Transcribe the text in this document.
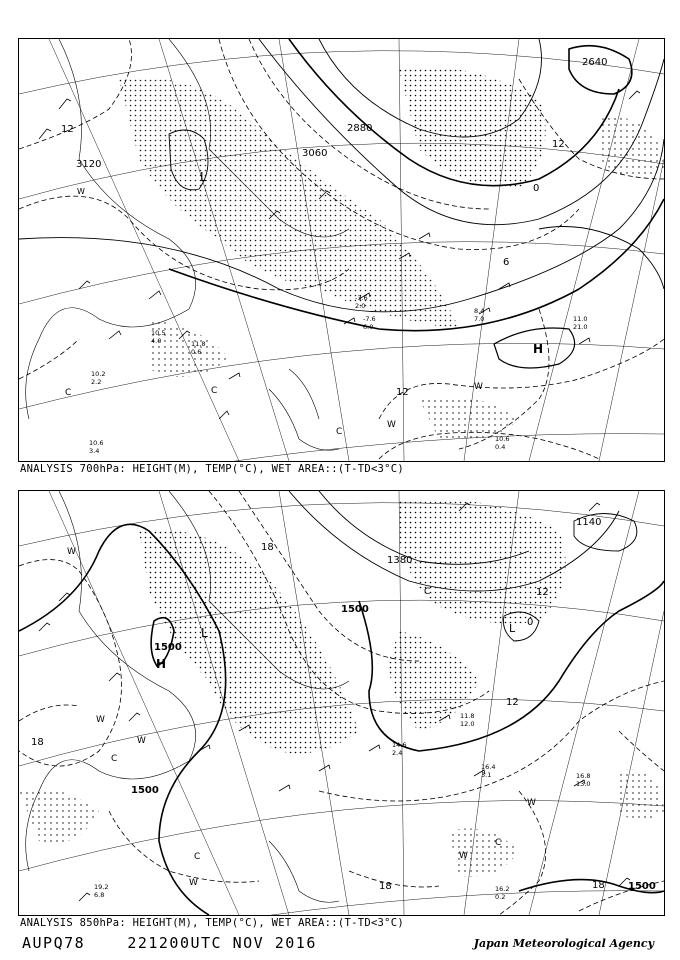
8.4
7.0	11.0
21.0
10.6
0.4
10.2
2.2
10.6
3.4
-3.6
2.0
-7.6
6.0
10.5
4.0	11.8
0.6
3120
3060
2880
2640
12
12
12
6
0
L
H
W
W
W
C
C	C
ANALYSIS 700hPa: HEIGHT(M), TEMP(°C), WET AREA::(T-TD<3°C)
16.8
13.0
16.4
3.1
11.8
12.0
14.6
2.4
16.2
0.2
19.2
6.8
1500
1500
1500
1500
1140
1380
18
18	18
18
12
12
0
L	L
H
W
W
W
W
W
W
C
C
C
C
ANALYSIS 850hPa: HEIGHT(M), TEMP(°C), WET AREA::(T-TD<3°C)
AUPQ78	221200UTC NOV 2016	Japan Meteorological Agency
